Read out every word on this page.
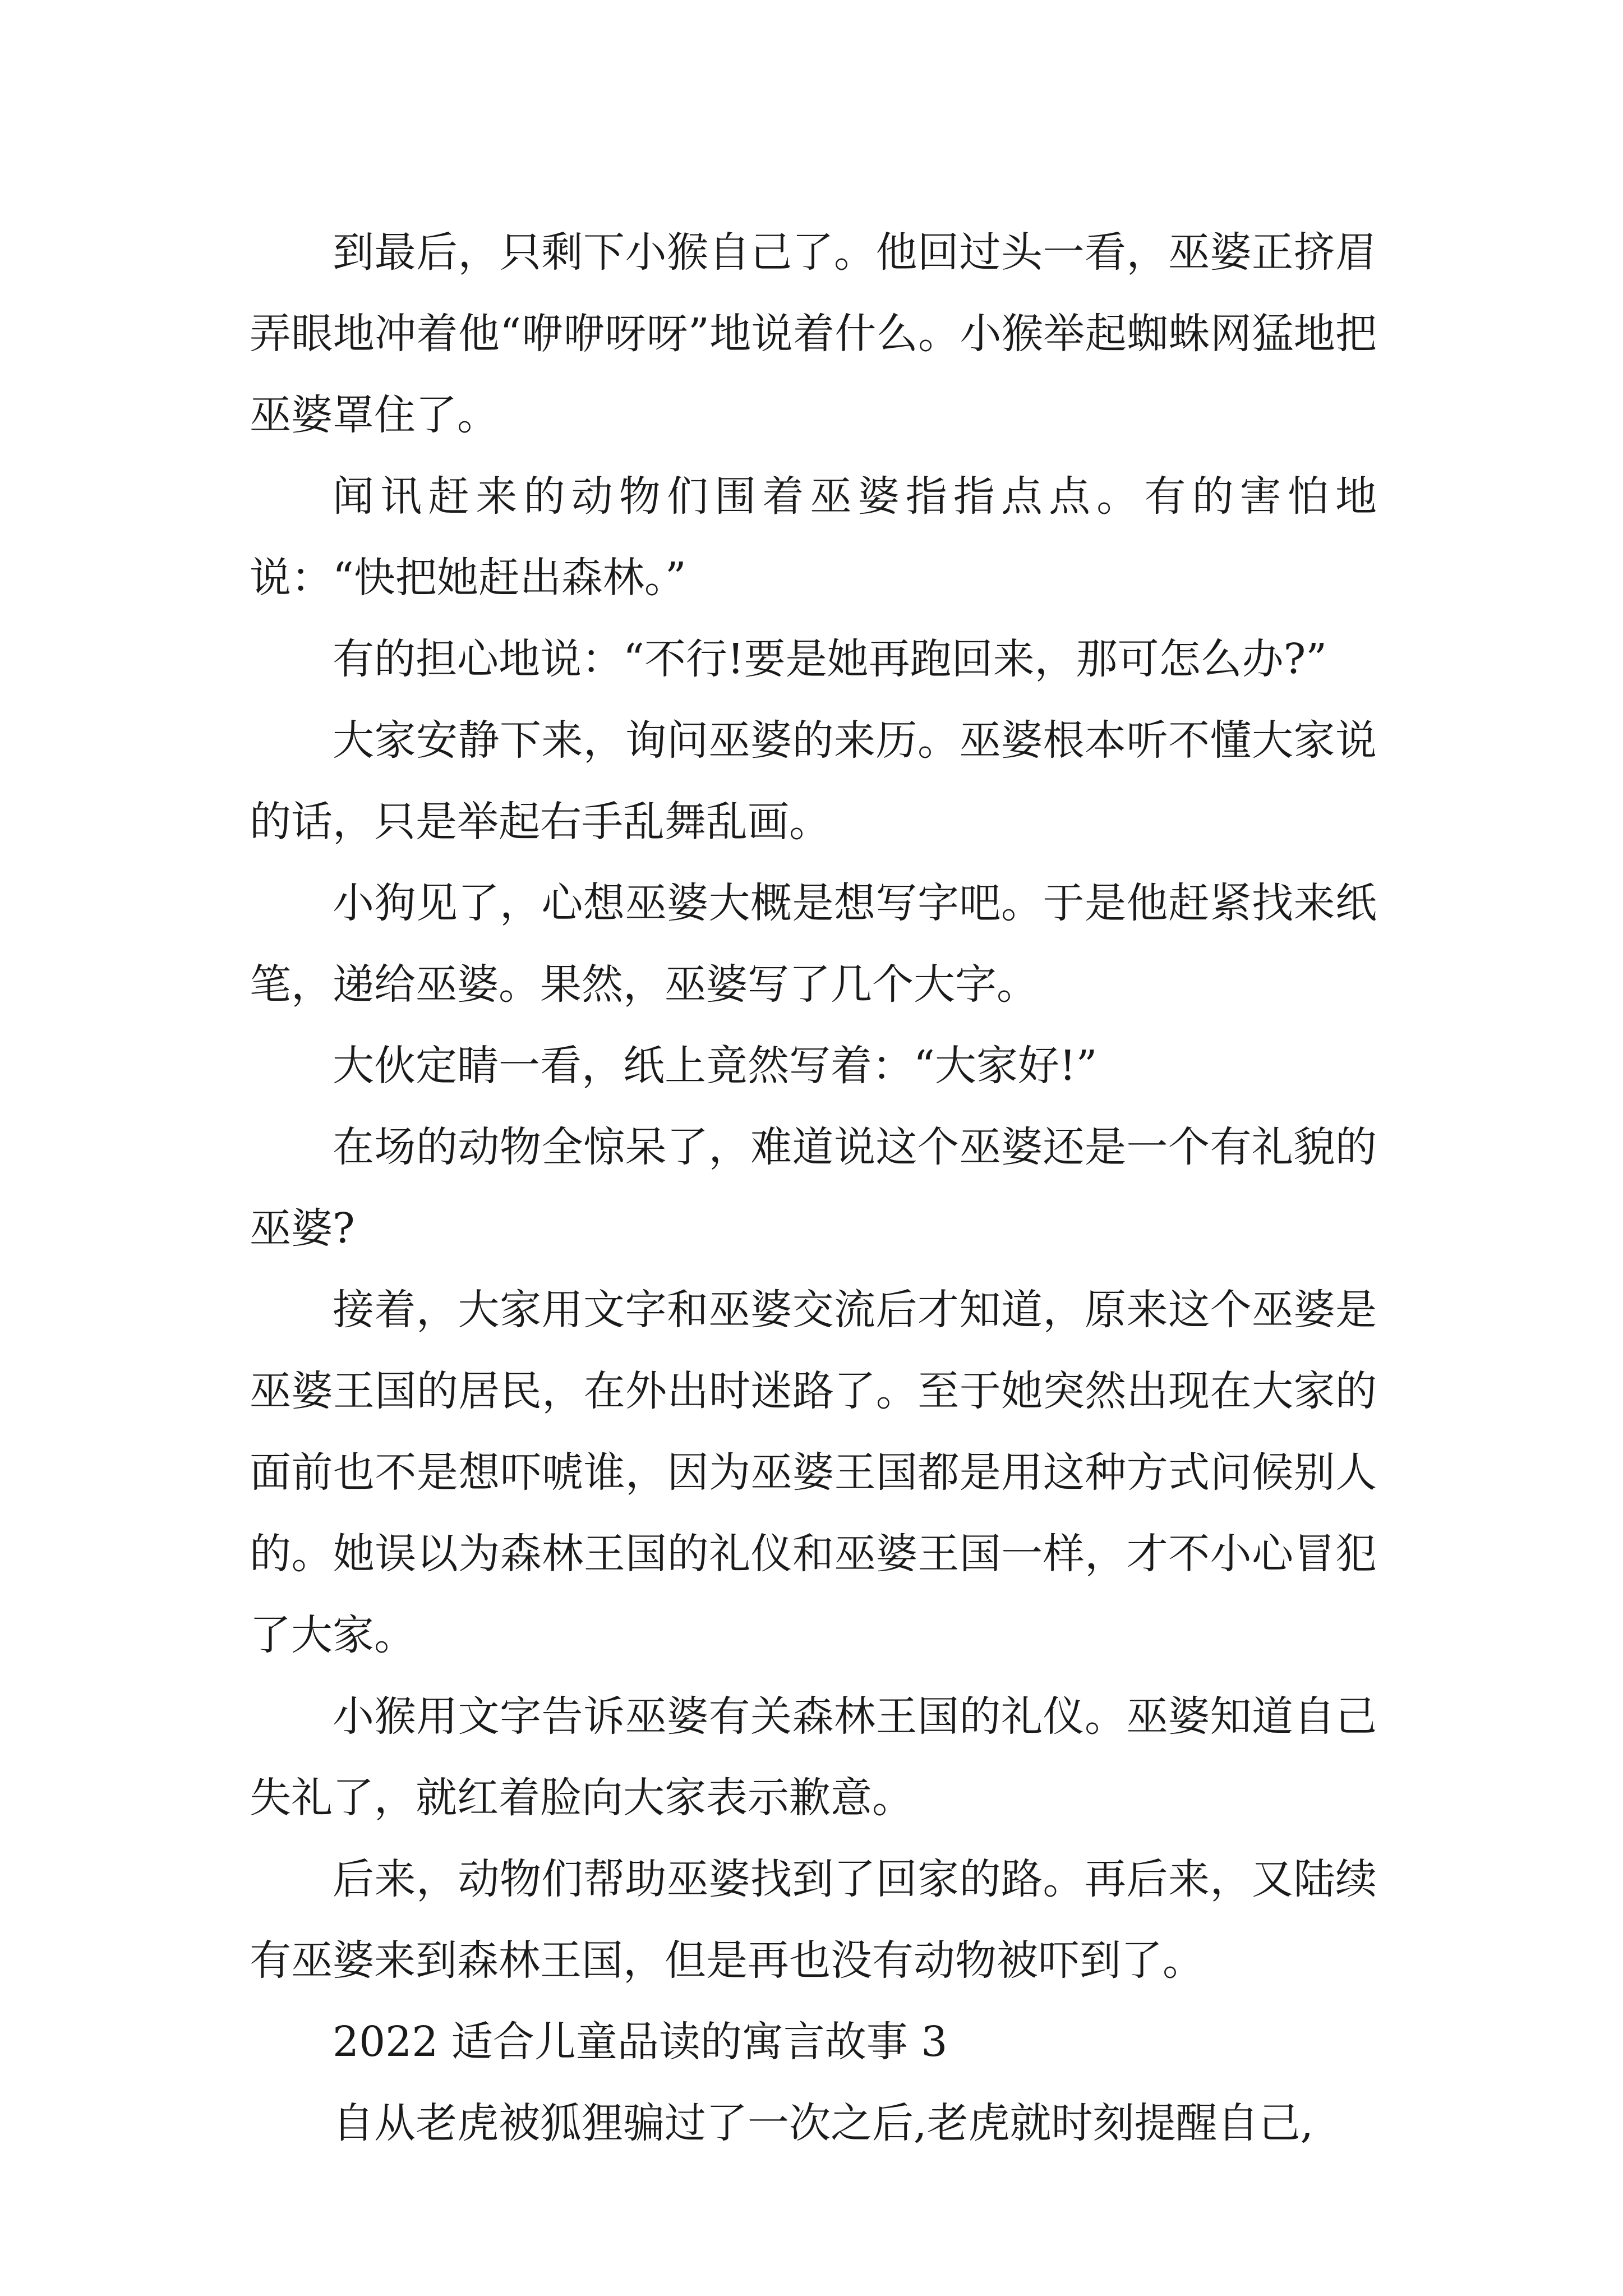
到最后，只剩下小猴自己了。他回过头一看，巫婆正挤眉弄眼地冲着他“咿咿呀呀”地说着什么。小猴举起蜘蛛网猛地把巫婆罩住了。

闻讯赶来的动物们围着巫婆指指点点。有的害怕地说：“快把她赶出森林。”

有的担心地说：“不行!要是她再跑回来，那可怎么办?”

大家安静下来，询问巫婆的来历。巫婆根本听不懂大家说的话，只是举起右手乱舞乱画。

小狗见了，心想巫婆大概是想写字吧。于是他赶紧找来纸笔，递给巫婆。果然，巫婆写了几个大字。

大伙定睛一看，纸上竟然写着：“大家好!”

在场的动物全惊呆了，难道说这个巫婆还是一个有礼貌的巫婆?

接着，大家用文字和巫婆交流后才知道，原来这个巫婆是巫婆王国的居民，在外出时迷路了。至于她突然出现在大家的面前也不是想吓唬谁，因为巫婆王国都是用这种方式问候别人的。她误以为森林王国的礼仪和巫婆王国一样，才不小心冒犯了大家。

小猴用文字告诉巫婆有关森林王国的礼仪。巫婆知道自己失礼了，就红着脸向大家表示歉意。

后来，动物们帮助巫婆找到了回家的路。再后来，又陆续有巫婆来到森林王国，但是再也没有动物被吓到了。

2022 适合儿童品读的寓言故事 3

自从老虎被狐狸骗过了一次之后,老虎就时刻提醒自己,
